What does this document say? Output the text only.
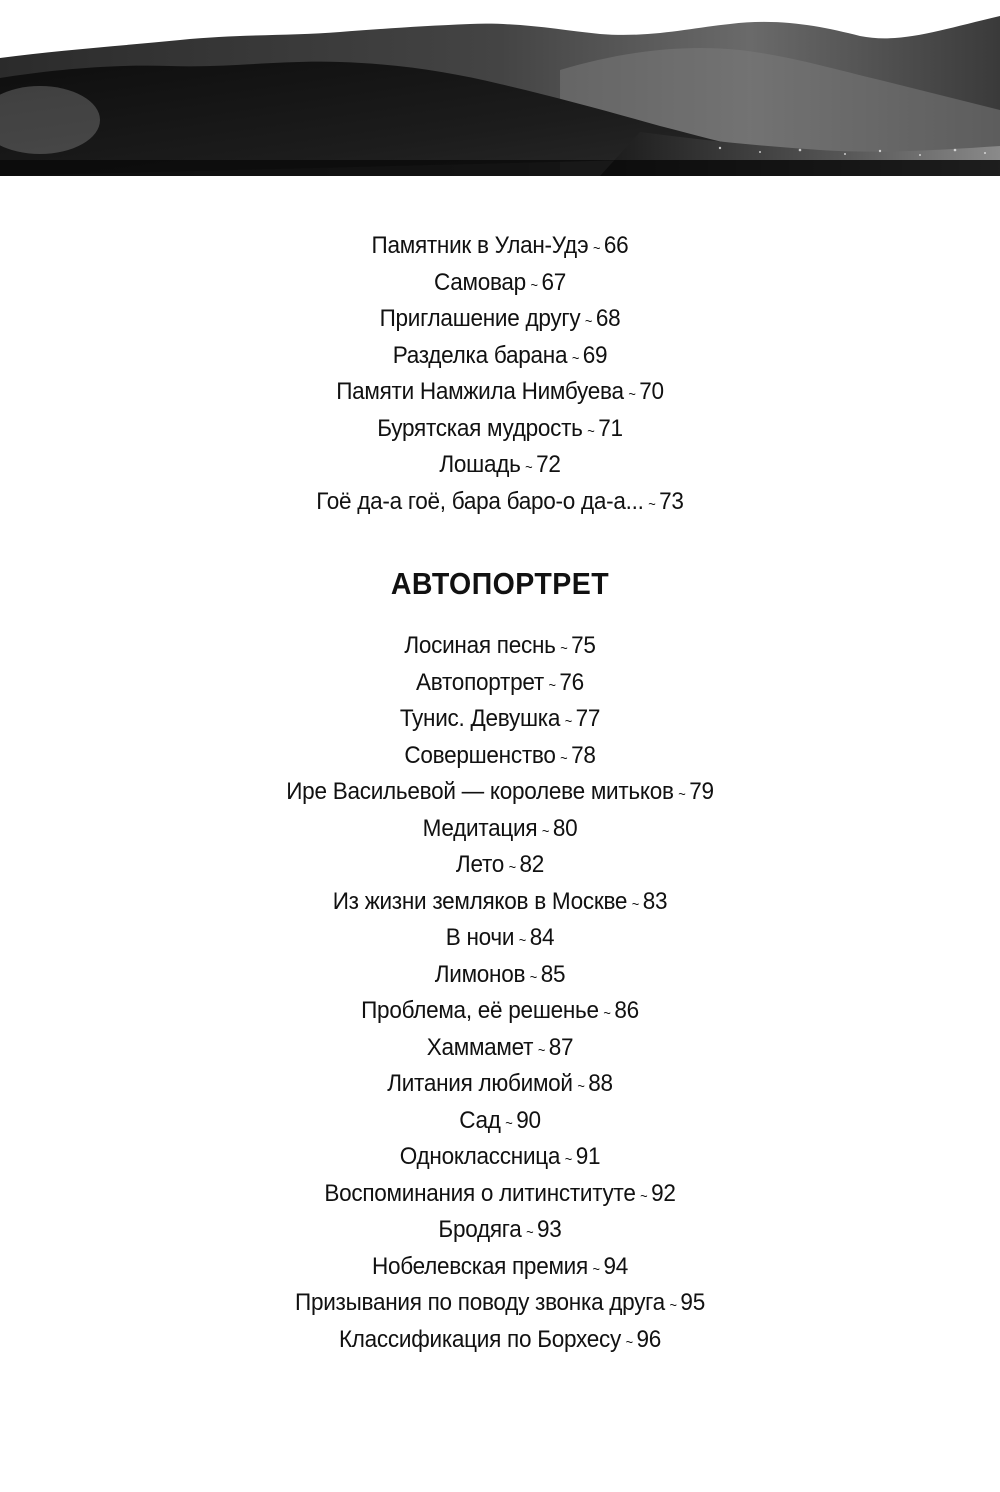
Памятник в Улан-Удэ ~ 66
Самовар ~ 67
Приглашение другу ~ 68
Разделка барана ~ 69
Памяти Намжила Нимбуева ~ 70
Бурятская мудрость ~ 71
Лошадь ~ 72
Гоё да-а гоё, бара баро-о да-а... ~ 73
АВТОПОРТРЕТ
Лосиная песнь ~ 75
Автопортрет ~ 76
Тунис. Девушка ~ 77
Совершенство ~ 78
Ире Васильевой — королеве митьков ~ 79
Медитация ~ 80
Лето ~ 82
Из жизни земляков в Москве ~ 83
В ночи ~ 84
Лимонов ~ 85
Проблема, её решенье ~ 86
Хаммамет ~ 87
Литания любимой ~ 88
Сад ~ 90
Одноклассница ~ 91
Воспоминания о литинституте ~ 92
Бродяга ~ 93
Нобелевская премия ~ 94
Призывания по поводу звонка друга ~ 95
Классификация по Борхесу ~ 96
